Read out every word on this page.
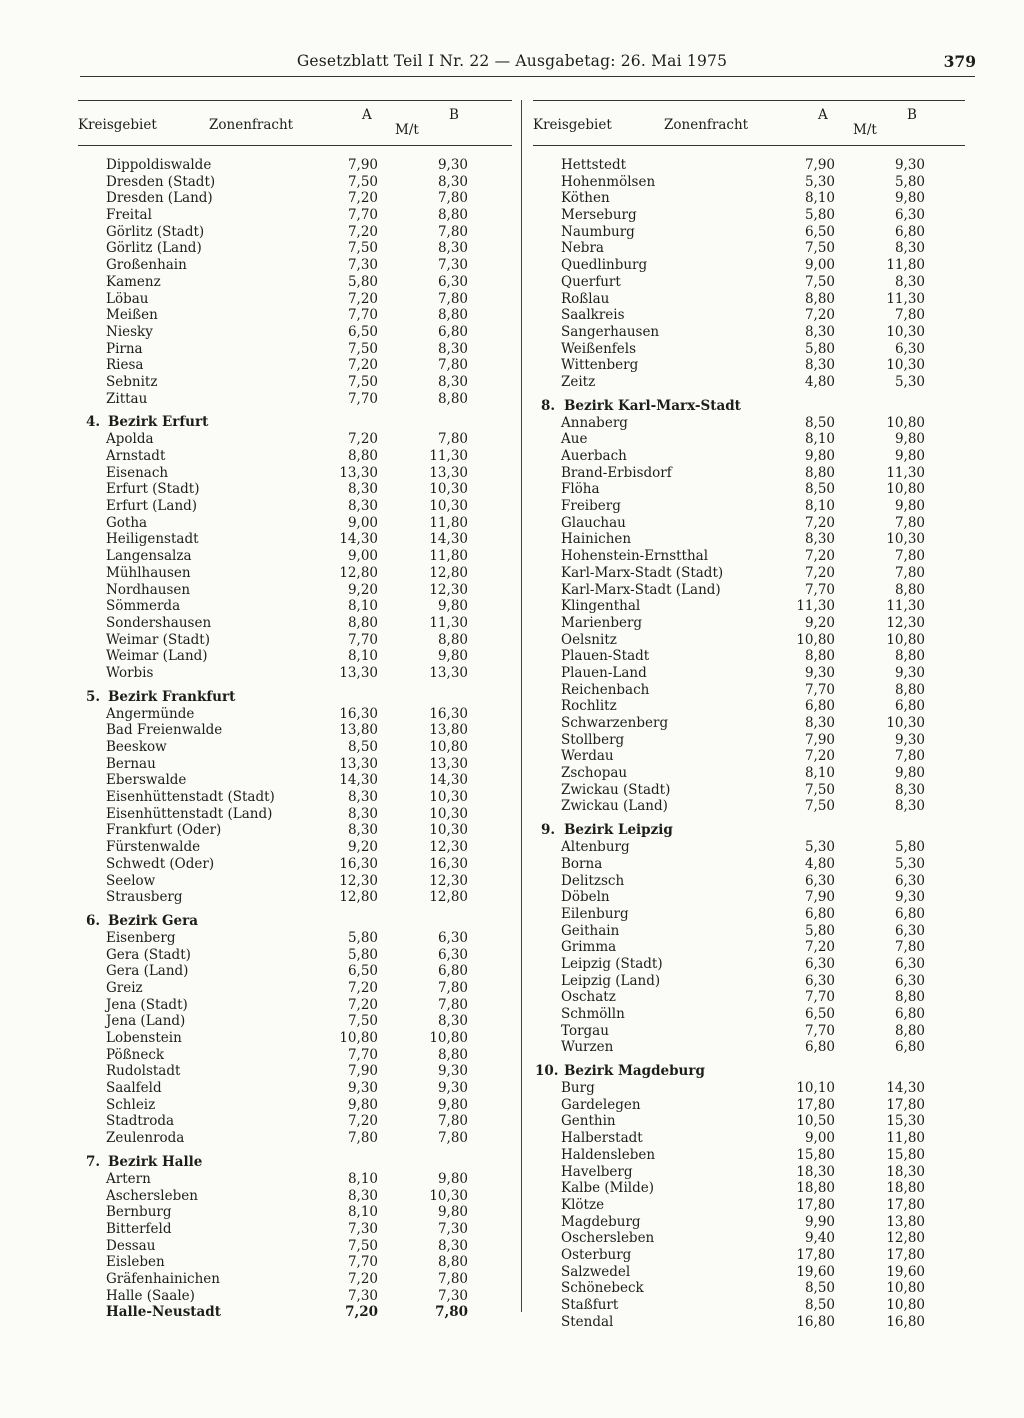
Gesetzblatt Teil I Nr. 22 — Ausgabetag: 26. Mai 1975	379
Kreisgebiet	Zonenfracht
A	B
M/t
Dippoldiswalde	7,90	9,30
Dresden (Stadt)	7,50	8,30
Dresden (Land)	7,20	7,80
Freital	7,70	8,80
Görlitz (Stadt)	7,20	7,80
Görlitz (Land)	7,50	8,30
Großenhain	7,30	7,30
Kamenz	5,80	6,30
Löbau	7,20	7,80
Meißen	7,70	8,80
Niesky	6,50	6,80
Pirna	7,50	8,30
Riesa	7,20	7,80
Sebnitz	7,50	8,30
Zittau	7,70	8,80
4. Bezirk Erfurt
Apolda	7,20	7,80
Arnstadt	8,80	11,30
Eisenach	13,30	13,30
Erfurt (Stadt)	8,30	10,30
Erfurt (Land)	8,30	10,30
Gotha	9,00	11,80
Heiligenstadt	14,30	14,30
Langensalza	9,00	11,80
Mühlhausen	12,80	12,80
Nordhausen	9,20	12,30
Sömmerda	8,10	9,80
Sondershausen	8,80	11,30
Weimar (Stadt)	7,70	8,80
Weimar (Land)	8,10	9,80
Worbis	13,30	13,30
5. Bezirk Frankfurt
Angermünde	16,30	16,30
Bad Freienwalde	13,80	13,80
Beeskow	8,50	10,80
Bernau	13,30	13,30
Eberswalde	14,30	14,30
Eisenhüttenstadt (Stadt)	8,30	10,30
Eisenhüttenstadt (Land)	8,30	10,30
Frankfurt (Oder)	8,30	10,30
Fürstenwalde	9,20	12,30
Schwedt (Oder)	16,30	16,30
Seelow	12,30	12,30
Strausberg	12,80	12,80
6. Bezirk Gera
Eisenberg	5,80	6,30
Gera (Stadt)	5,80	6,30
Gera (Land)	6,50	6,80
Greiz	7,20	7,80
Jena (Stadt)	7,20	7,80
Jena (Land)	7,50	8,30
Lobenstein	10,80	10,80
Pößneck	7,70	8,80
Rudolstadt	7,90	9,30
Saalfeld	9,30	9,30
Schleiz	9,80	9,80
Stadtroda	7,20	7,80
Zeulenroda	7,80	7,80
7. Bezirk Halle
Artern	8,10	9,80
Aschersleben	8,30	10,30
Bernburg	8,10	9,80
Bitterfeld	7,30	7,30
Dessau	7,50	8,30
Eisleben	7,70	8,80
Gräfenhainichen	7,20	7,80
Halle (Saale)	7,30	7,30
Halle-Neustadt	7,20	7,80
Kreisgebiet	Zonenfracht
A	B
M/t
Hettstedt	7,90	9,30
Hohenmölsen	5,30	5,80
Köthen	8,10	9,80
Merseburg	5,80	6,30
Naumburg	6,50	6,80
Nebra	7,50	8,30
Quedlinburg	9,00	11,80
Querfurt	7,50	8,30
Roßlau	8,80	11,30
Saalkreis	7,20	7,80
Sangerhausen	8,30	10,30
Weißenfels	5,80	6,30
Wittenberg	8,30	10,30
Zeitz	4,80	5,30
8. Bezirk Karl-Marx-Stadt
Annaberg	8,50	10,80
Aue	8,10	9,80
Auerbach	9,80	9,80
Brand-Erbisdorf	8,80	11,30
Flöha	8,50	10,80
Freiberg	8,10	9,80
Glauchau	7,20	7,80
Hainichen	8,30	10,30
Hohenstein-Ernstthal	7,20	7,80
Karl-Marx-Stadt (Stadt)	7,20	7,80
Karl-Marx-Stadt (Land)	7,70	8,80
Klingenthal	11,30	11,30
Marienberg	9,20	12,30
Oelsnitz	10,80	10,80
Plauen-Stadt	8,80	8,80
Plauen-Land	9,30	9,30
Reichenbach	7,70	8,80
Rochlitz	6,80	6,80
Schwarzenberg	8,30	10,30
Stollberg	7,90	9,30
Werdau	7,20	7,80
Zschopau	8,10	9,80
Zwickau (Stadt)	7,50	8,30
Zwickau (Land)	7,50	8,30
9. Bezirk Leipzig
Altenburg	5,30	5,80
Borna	4,80	5,30
Delitzsch	6,30	6,30
Döbeln	7,90	9,30
Eilenburg	6,80	6,80
Geithain	5,80	6,30
Grimma	7,20	7,80
Leipzig (Stadt)	6,30	6,30
Leipzig (Land)	6,30	6,30
Oschatz	7,70	8,80
Schmölln	6,50	6,80
Torgau	7,70	8,80
Wurzen	6,80	6,80
10. Bezirk Magdeburg
Burg	10,10	14,30
Gardelegen	17,80	17,80
Genthin	10,50	15,30
Halberstadt	9,00	11,80
Haldensleben	15,80	15,80
Havelberg	18,30	18,30
Kalbe (Milde)	18,80	18,80
Klötze	17,80	17,80
Magdeburg	9,90	13,80
Oschersleben	9,40	12,80
Osterburg	17,80	17,80
Salzwedel	19,60	19,60
Schönebeck	8,50	10,80
Staßfurt	8,50	10,80
Stendal	16,80	16,80
